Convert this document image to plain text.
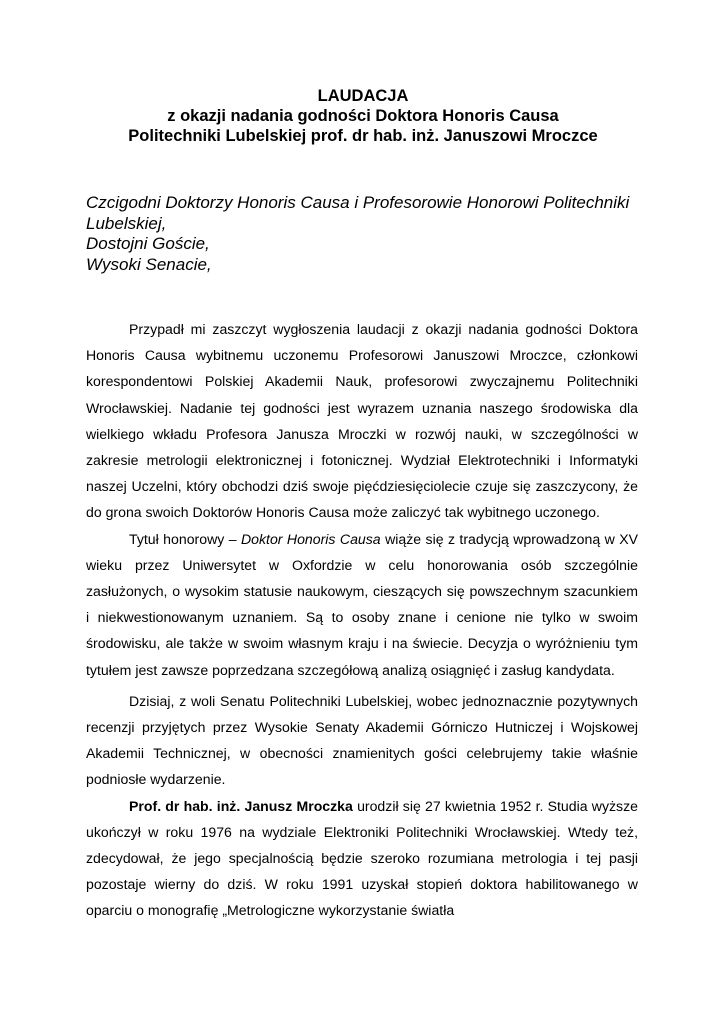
LAUDACJA
z okazji nadania godności Doktora Honoris Causa
Politechniki Lubelskiej prof. dr hab. inż. Januszowi Mroczce
Czcigodni Doktorzy Honoris Causa i Profesorowie Honorowi Politechniki Lubelskiej,
Dostojni Goście,
Wysoki Senacie,

Przypadł mi zaszczyt wygłoszenia laudacji z okazji nadania godności Doktora Honoris Causa wybitnemu uczonemu Profesorowi Januszowi Mroczce, członkowi korespondentowi Polskiej Akademii Nauk, profesorowi zwyczajnemu Politechniki Wrocławskiej. Nadanie tej godności jest wyrazem uznania naszego środowiska dla wielkiego wkładu Profesora Janusza Mroczki w rozwój nauki, w szczególności w zakresie metrologii elektronicznej i fotonicznej. Wydział Elektrotechniki i Informatyki naszej Uczelni, który obchodzi dziś swoje pięćdziesięciolecie czuje się zaszczycony, że do grona swoich Doktorów Honoris Causa może zaliczyć tak wybitnego uczonego.

Tytuł honorowy – Doktor Honoris Causa wiąże się z tradycją wprowadzoną w XV wieku przez Uniwersytet w Oxfordzie w celu honorowania osób szczególnie zasłużonych, o wysokim statusie naukowym, cieszących się powszechnym szacunkiem i niekwestionowanym uznaniem. Są to osoby znane i cenione nie tylko w swoim środowisku, ale także w swoim własnym kraju i na świecie. Decyzja o wyróżnieniu tym tytułem jest zawsze poprzedzana szczegółową analizą osiągnięć i zasług kandydata.

Dzisiaj, z woli Senatu Politechniki Lubelskiej, wobec jednoznacznie pozytywnych recenzji przyjętych przez Wysokie Senaty Akademii Górniczo Hutniczej i Wojskowej Akademii Technicznej, w obecności znamienitych gości celebrujemy takie właśnie podniosłe wydarzenie.

Prof. dr hab. inż. Janusz Mroczka urodził się 27 kwietnia 1952 r. Studia wyższe ukończył w roku 1976 na wydziale Elektroniki Politechniki Wrocławskiej. Wtedy też, zdecydował, że jego specjalnością będzie szeroko rozumiana metrologia i tej pasji pozostaje wierny do dziś. W roku 1991 uzyskał stopień doktora habilitowanego w oparciu o monografię „Metrologiczne wykorzystanie światła
